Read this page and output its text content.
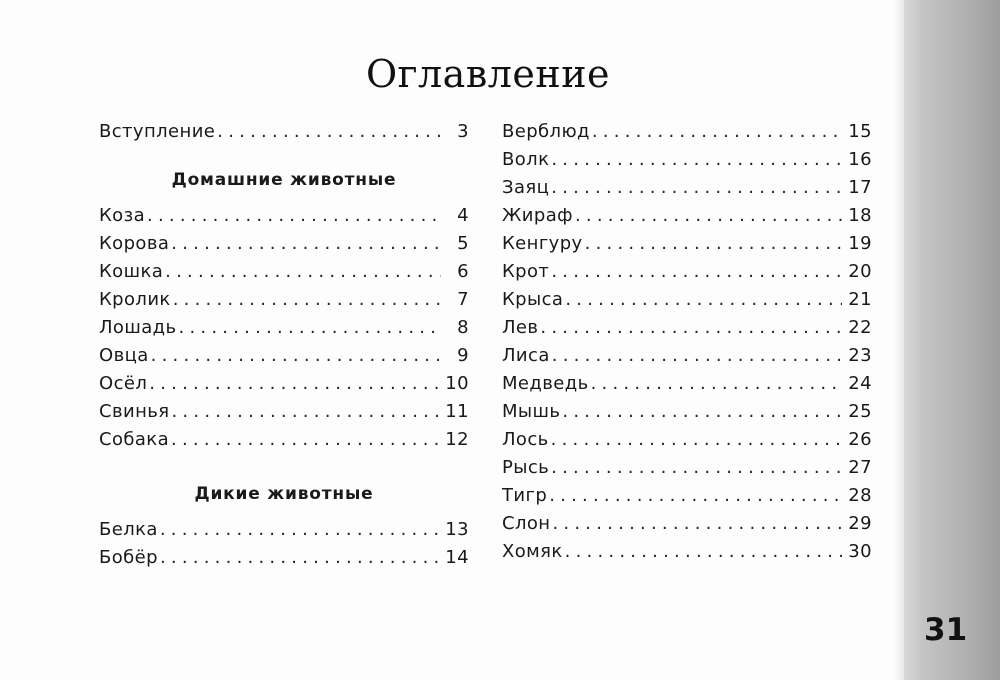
Оглавление
Вступление . . .	3
Домашние животные
Коза . . .	4
Корова . . .	5
Кошка . . .	6
Кролик . . .	7
Лошадь . . .	8
Овца . . .	9
Осёл . . .	10
Свинья . . .	11
Собака . . .	12
Дикие животные
Белка . . .	13
Бобёр . . .	14
Верблюд . . .	15
Волк . . .	16
Заяц . . .	17
Жираф . . .	18
Кенгуру . . .	19
Крот . . .	20
Крыса . . .	21
Лев . . .	22
Лиса . . .	23
Медведь . . .	24
Мышь . . .	25
Лось . . .	26
Рысь . . .	27
Тигр . . .	28
Слон . . .	29
Хомяк . . .	30
31
